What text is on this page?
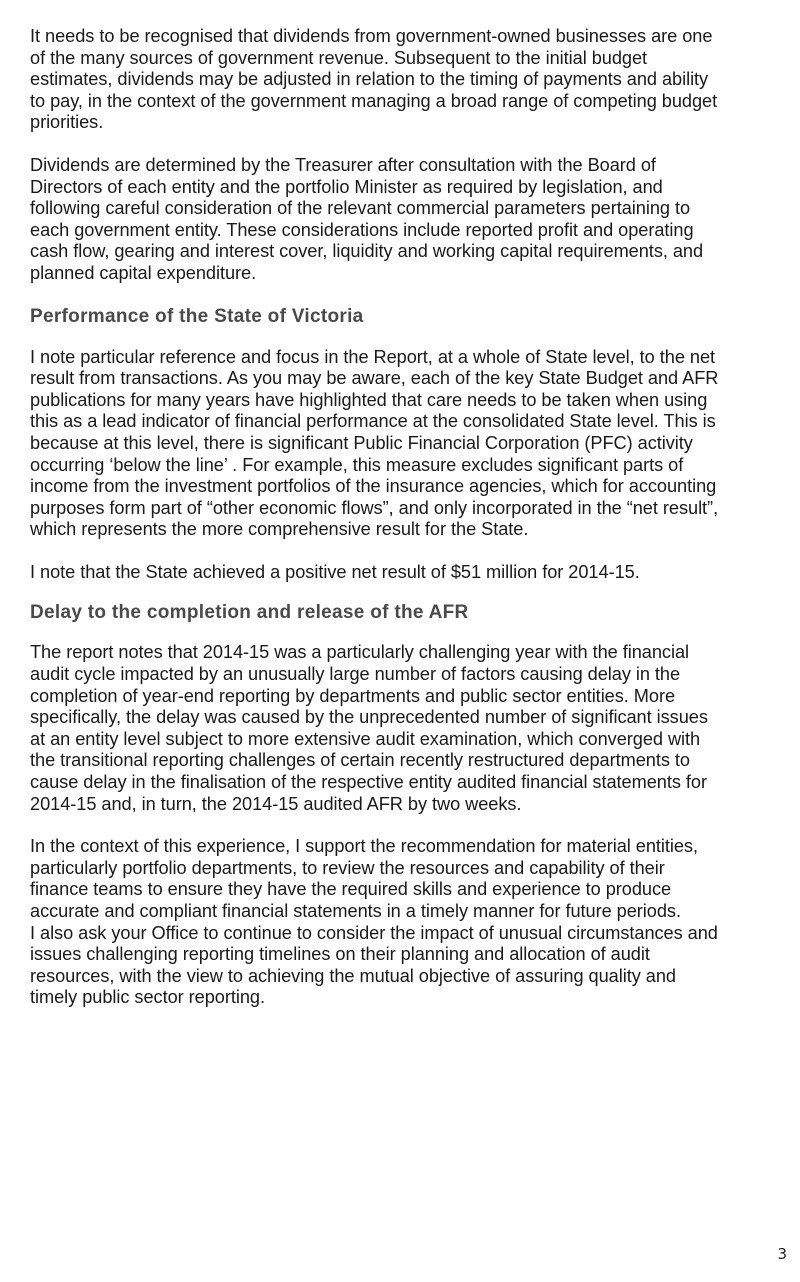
It needs to be recognised that dividends from government-owned businesses are one
of the many sources of government revenue. Subsequent to the initial budget
estimates, dividends may be adjusted in relation to the timing of payments and ability
to pay, in the context of the government managing a broad range of competing budget
priorities.

Dividends are determined by the Treasurer after consultation with the Board of
Directors of each entity and the portfolio Minister as required by legislation, and
following careful consideration of the relevant commercial parameters pertaining to
each government entity. These considerations include reported profit and operating
cash flow, gearing and interest cover, liquidity and working capital requirements, and
planned capital expenditure.

Performance of the State of Victoria

I note particular reference and focus in the Report, at a whole of State level, to the net
result from transactions. As you may be aware, each of the key State Budget and AFR
publications for many years have highlighted that care needs to be taken when using
this as a lead indicator of financial performance at the consolidated State level. This is
because at this level, there is significant Public Financial Corporation (PFC) activity
occurring ‘below the line’ . For example, this measure excludes significant parts of
income from the investment portfolios of the insurance agencies, which for accounting
purposes form part of “other economic flows”, and only incorporated in the “net result”,
which represents the more comprehensive result for the State.

I note that the State achieved a positive net result of $51 million for 2014-15.

Delay to the completion and release of the AFR

The report notes that 2014-15 was a particularly challenging year with the financial
audit cycle impacted by an unusually large number of factors causing delay in the
completion of year-end reporting by departments and public sector entities. More
specifically, the delay was caused by the unprecedented number of significant issues
at an entity level subject to more extensive audit examination, which converged with
the transitional reporting challenges of certain recently restructured departments to
cause delay in the finalisation of the respective entity audited financial statements for
2014-15 and, in turn, the 2014-15 audited AFR by two weeks.

In the context of this experience, I support the recommendation for material entities,
particularly portfolio departments, to review the resources and capability of their
finance teams to ensure they have the required skills and experience to produce
accurate and compliant financial statements in a timely manner for future periods.
I also ask your Office to continue to consider the impact of unusual circumstances and
issues challenging reporting timelines on their planning and allocation of audit
resources, with the view to achieving the mutual objective of assuring quality and
timely public sector reporting.

3
